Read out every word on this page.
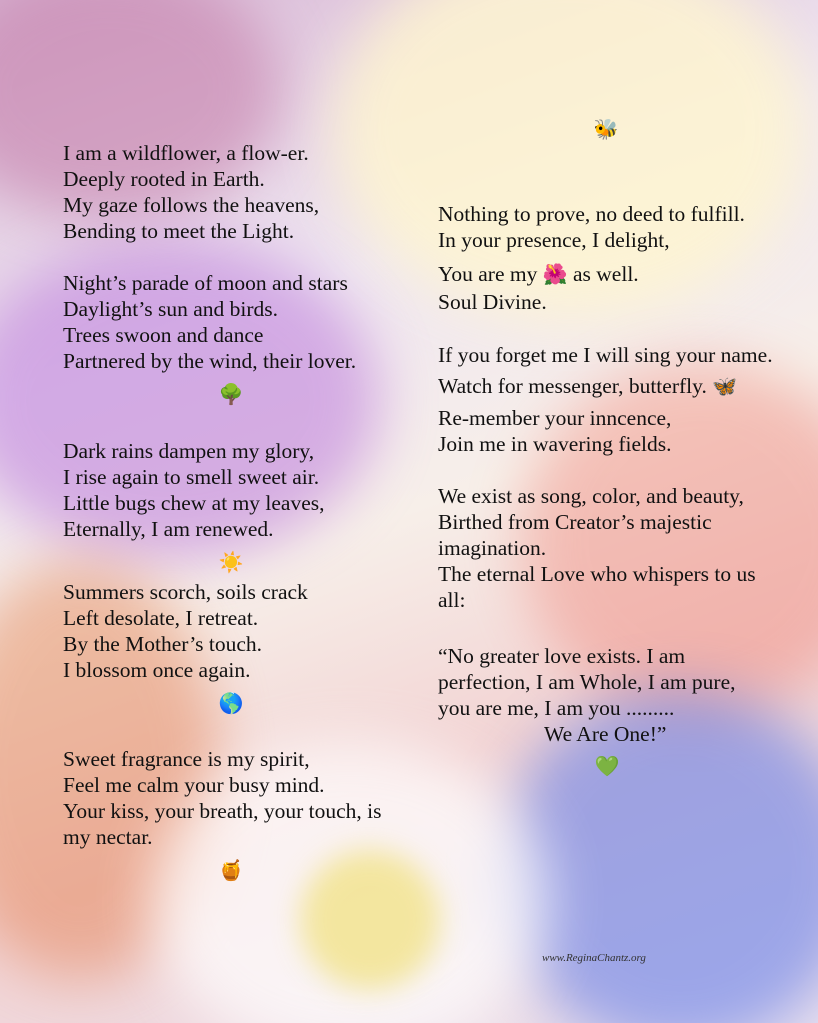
I am a wildflower, a flow-er.
Deeply rooted in Earth.
My gaze follows the heavens,
Bending to meet the Light.
Night’s parade of moon and stars
Daylight’s sun and birds.
Trees swoon and dance
Partnered by the wind, their lover.
🌳
Dark rains dampen my glory,
I rise again to smell sweet air.
Little bugs chew at my leaves,
Eternally, I am renewed.
☀️
Summers scorch, soils crack
Left desolate, I retreat.
By the Mother’s touch.
I blossom once again.
🌎
Sweet fragrance is my spirit,
Feel me calm your busy mind.
Your kiss, your breath, your touch, is
my nectar.
🍯
🐝
Nothing to prove, no deed to fulfill.
In your presence, I delight,
You are my 🌺 as well.
Soul Divine.
If you forget me I will sing your name.
Watch for messenger, butterfly. 🦋
Re-member your inncence,
Join me in wavering fields.
We exist as song, color, and beauty,
Birthed from Creator’s majestic
imagination.
The eternal Love who whispers to us
all:
“No greater love exists. I am
perfection, I am Whole, I am pure,
you are me, I am you .........
We Are One!”
💚
www.ReginaChantz.org
